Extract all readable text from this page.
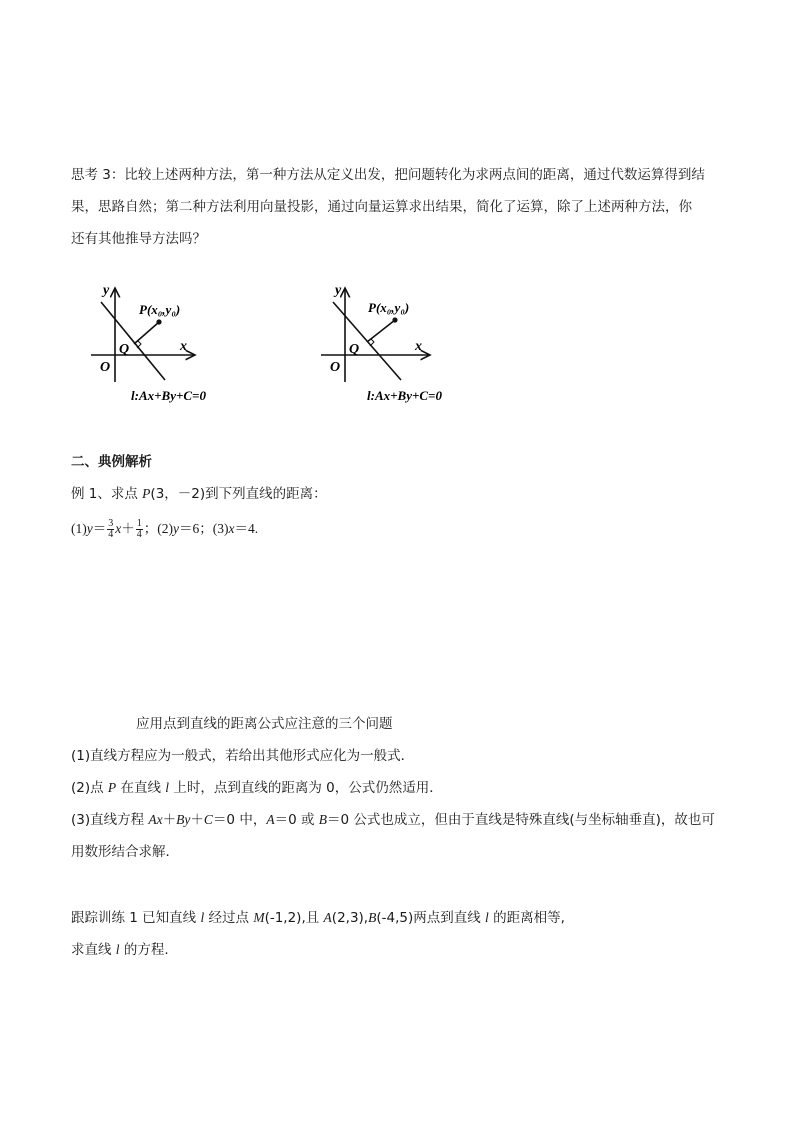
思考 3：比较上述两种方法，第一种方法从定义出发，把问题转化为求两点间的距离，通过代数运算得到结
果，思路自然；第二种方法利用向量投影，通过向量运算求出结果，简化了运算，除了上述两种方法，你
还有其他推导方法吗？
y
x
O
Q
P(x₀,y₀)
l:Ax+By+C=0
y
x
O
Q
P(x₀,y₀)
l:Ax+By+C=0
二、典例解析
例 1、求点 P(3，－2)到下列直线的距离：
$(1)y= \frac{3}{4} x+ \frac{1}{4}$ ；(2)y＝6；(3)x＝4.
应用点到直线的距离公式应注意的三个问题
(1)直线方程应为一般式，若给出其他形式应化为一般式．
(2)点 P 在直线 l 上时，点到直线的距离为 0，公式仍然适用．
(3)直线方程 Ax＋By＋C＝0 中，A＝0 或 B＝0 公式也成立，但由于直线是特殊直线(与坐标轴垂直)，故也可
用数形结合求解．
跟踪训练 1 已知直线 l 经过点 M(-1,2),且 A(2,3),B(-4,5)两点到直线 l 的距离相等,
求直线 l 的方程.
